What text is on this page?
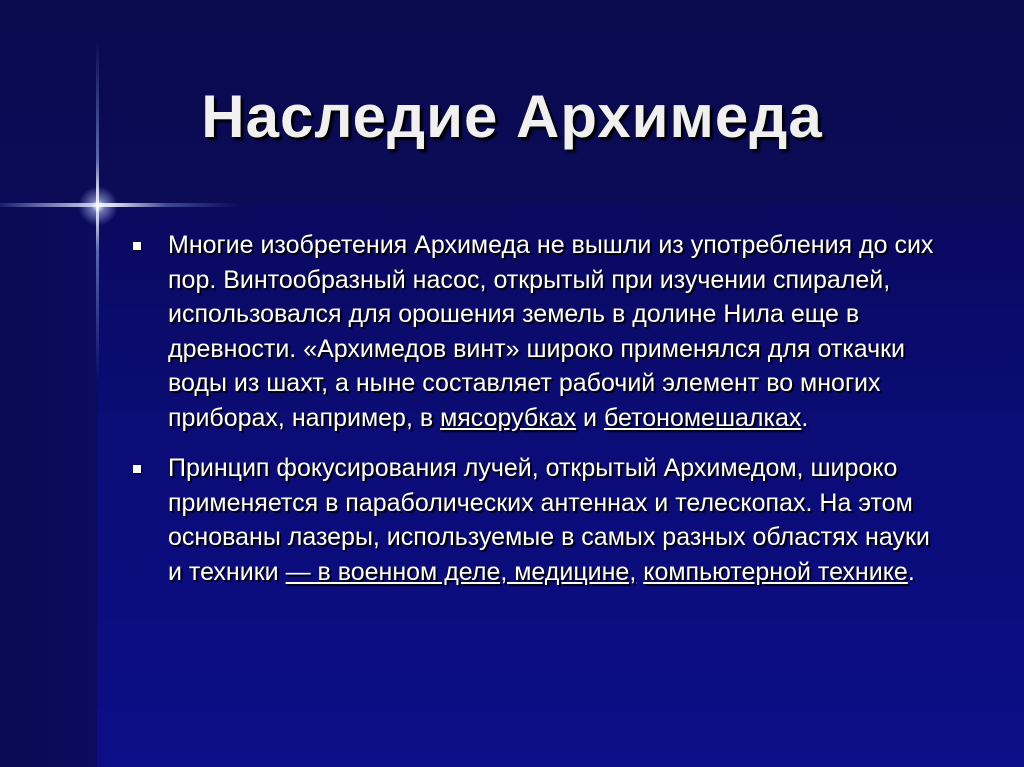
Наследие Архимеда
Многие изобретения Архимеда не вышли из употребления до сих пор. Винтообразный насос, открытый при изучении спиралей, использовался для орошения земель в долине Нила еще в древности. «Архимедов винт» широко применялся для откачки воды из шахт, а ныне составляет рабочий элемент во многих приборах, например, в мясорубках и бетономешалках.
Принцип фокусирования лучей, открытый Архимедом, широко применяется в параболических антеннах и телескопах. На этом основаны лазеры, используемые в самых разных областях науки и техники — в военном деле, медицине, компьютерной технике.
